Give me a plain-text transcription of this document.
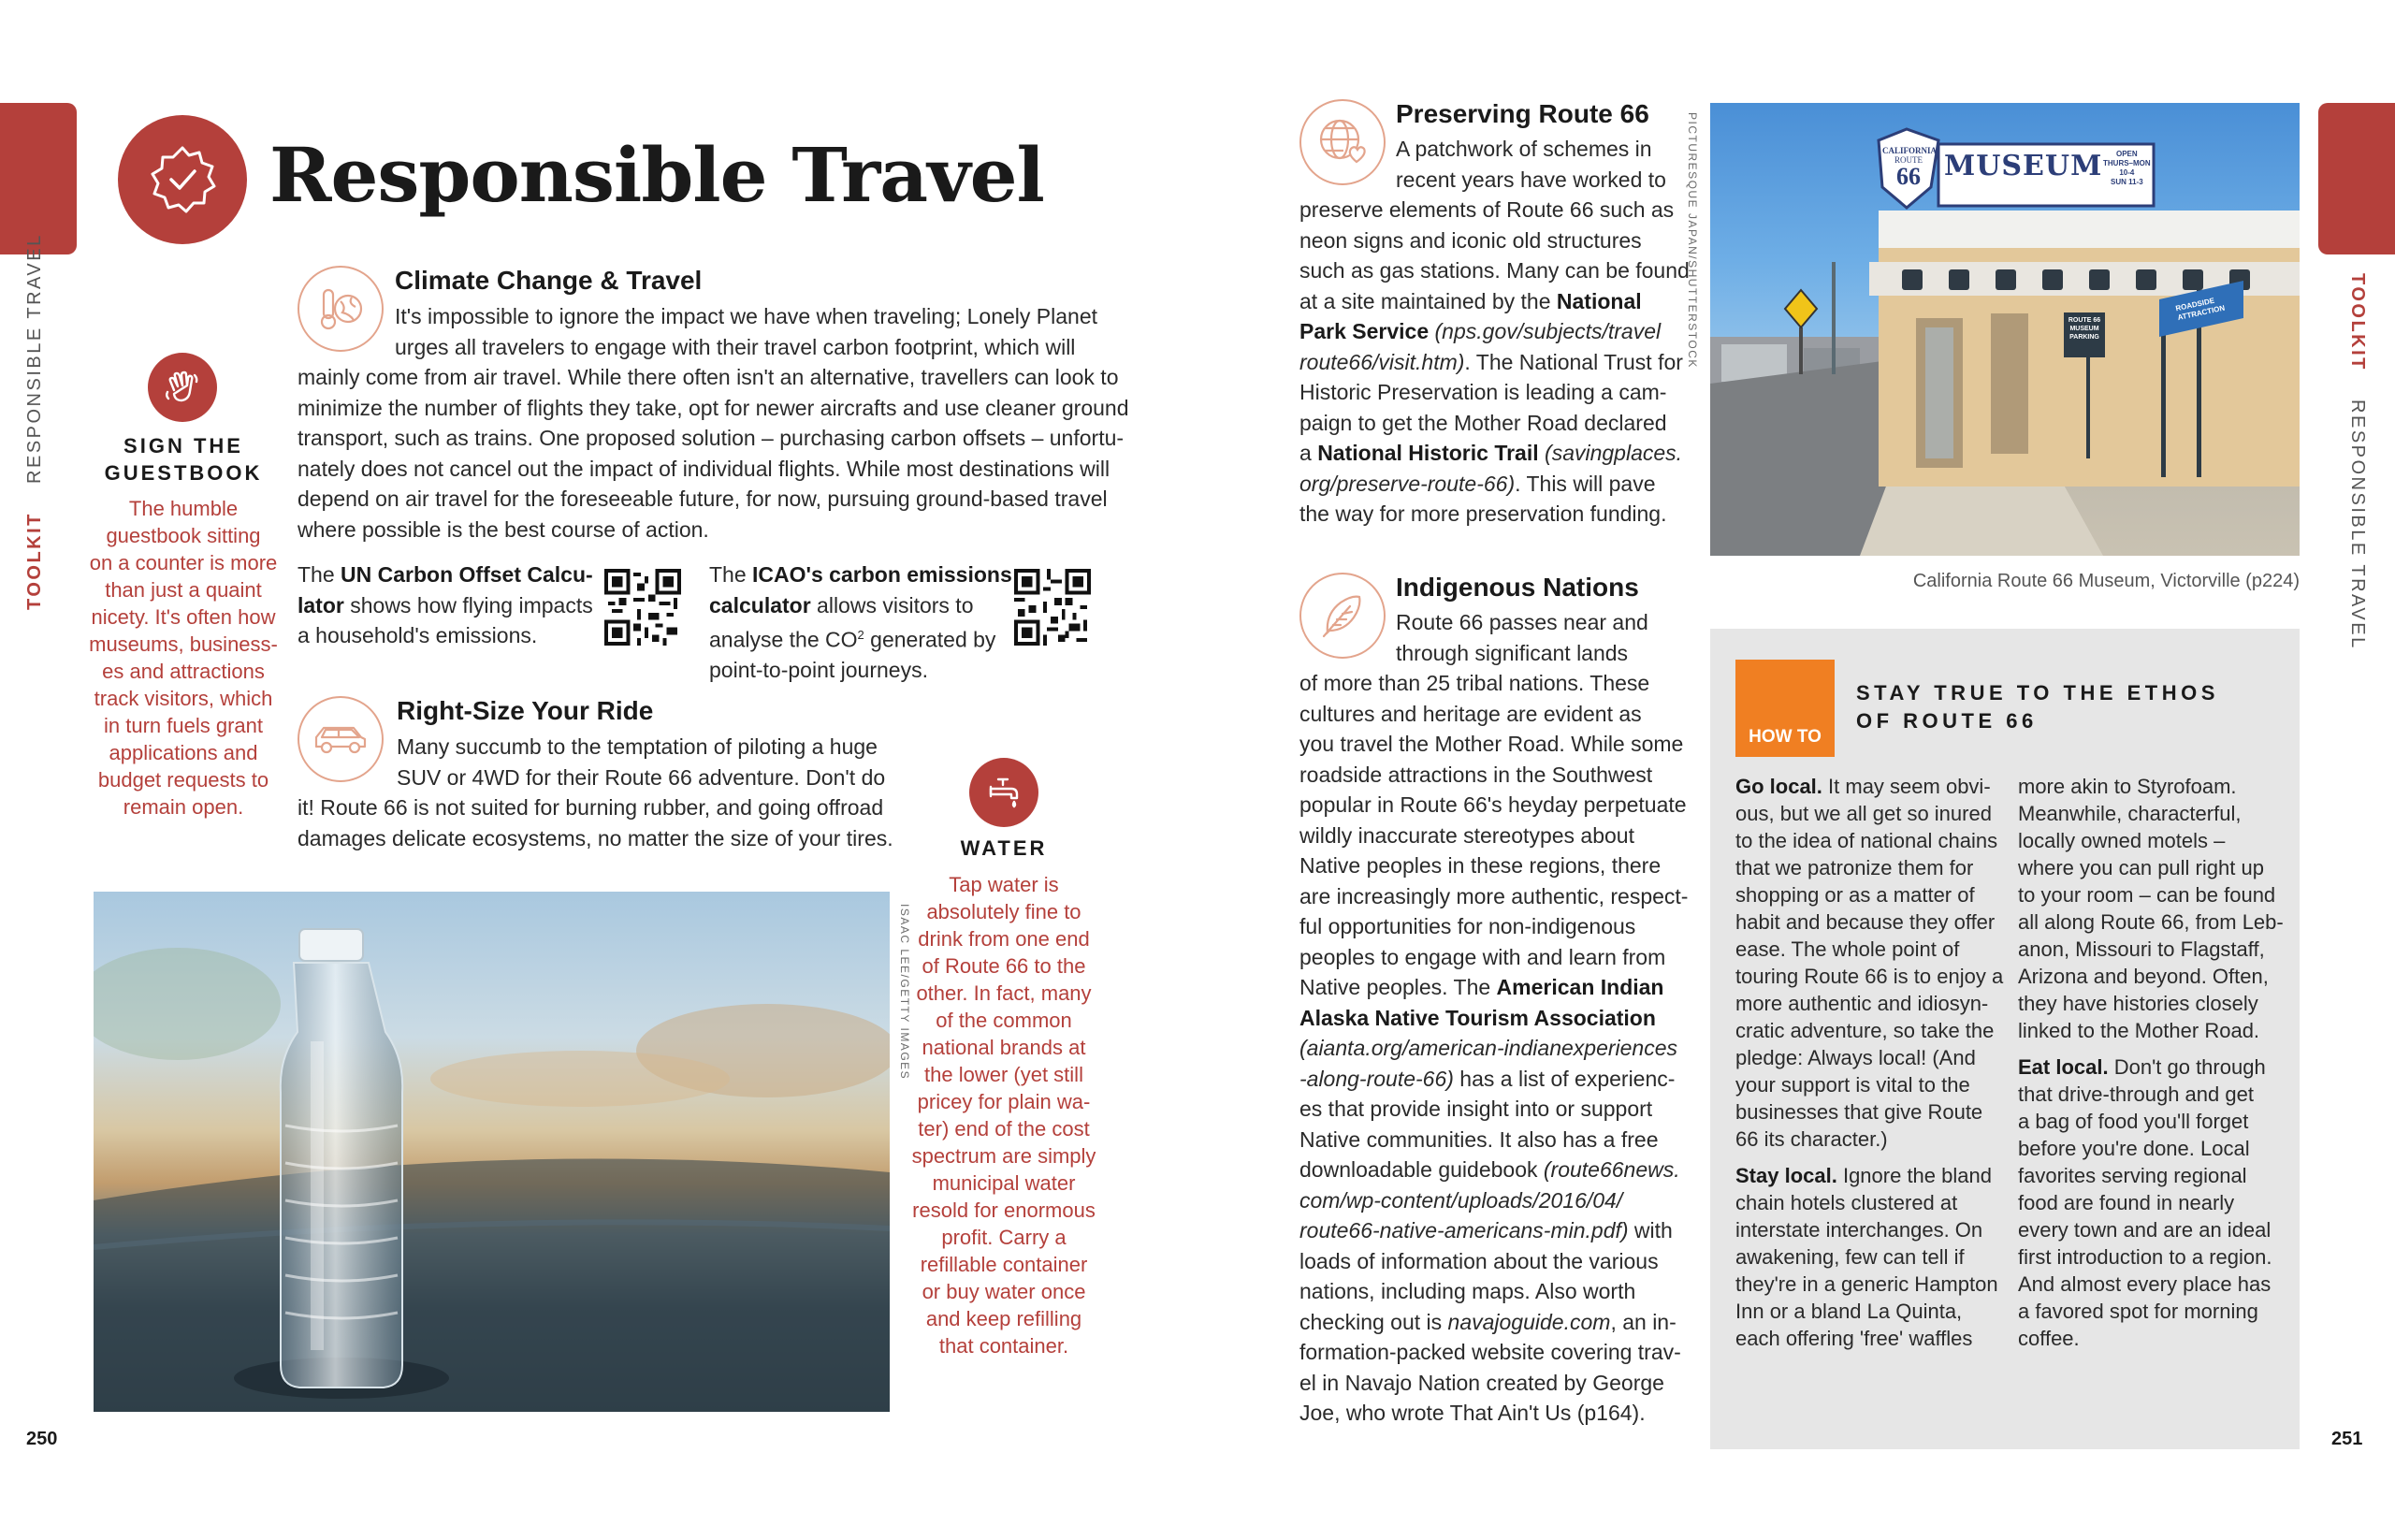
TOOLKIT  RESPONSIBLE TRAVEL
Responsible Travel
Climate Change & Travel
It's impossible to ignore the impact we have when traveling; Lonely Planet
urges all travelers to engage with their travel carbon footprint, which will
mainly come from air travel. While there often isn't an alternative, travellers can look to
minimize the number of flights they take, opt for newer aircrafts and use cleaner ground
transport, such as trains. One proposed solution – purchasing carbon offsets – unfortu-
nately does not cancel out the impact of individual flights. While most destinations will
depend on air travel for the foreseeable future, for now, pursuing ground-based travel
where possible is the best course of action.
The UN Carbon Offset Calcu-
lator shows how flying impacts
a household's emissions.
The ICAO's carbon emissions
calculator allows visitors to
analyse the $CO^2$ generated by
point-to-point journeys.
SIGN THE
GUESTBOOK
The humble
guestbook sitting
on a counter is more
than just a quaint
nicety. It's often how
museums, business-
es and attractions
track visitors, which
in turn fuels grant
applications and
budget requests to
remain open.
Right-Size Your Ride
Many succumb to the temptation of piloting a huge
SUV or 4WD for their Route 66 adventure. Don't do
it! Route 66 is not suited for burning rubber, and going offroad
damages delicate ecosystems, no matter the size of your tires.	WATER
Tap water is
absolutely fine to
drink from one end
of Route 66 to the
other. In fact, many
of the common
national brands at
the lower (yet still
pricey for plain wa-
ter) end of the cost
spectrum are simply
municipal water
resold for enormous
profit. Carry a
refillable container
or buy water once
and keep refilling
that container.
ISAAC LEE/GETTY IMAGES
250
TOOLKIT  RESPONSIBLE TRAVEL
Preserving Route 66
A patchwork of schemes in
recent years have worked to
preserve elements of Route 66 such as
neon signs and iconic old structures
such as gas stations. Many can be found
at a site maintained by the National
Park Service (nps.gov/subjects/travel
route66/visit.htm). The National Trust for
Historic Preservation is leading a cam-
paign to get the Mother Road declared
a National Historic Trail (savingplaces.
org/preserve-route-66). This will pave
the way for more preservation funding.
Indigenous Nations
Route 66 passes near and
through significant lands
of more than 25 tribal nations. These
cultures and heritage are evident as
you travel the Mother Road. While some
roadside attractions in the Southwest
popular in Route 66's heyday perpetuate
wildly inaccurate stereotypes about
Native peoples in these regions, there
are increasingly more authentic, respect-
ful opportunities for non-indigenous
peoples to engage with and learn from
Native peoples. The American Indian
Alaska Native Tourism Association
(aianta.org/american-indianexperiences
-along-route-66) has a list of experienc-
es that provide insight into or support
Native communities. It also has a free
downloadable guidebook (route66news.
com/wp-content/uploads/2016/04/
route66-native-americans-min.pdf) with
loads of information about the various
nations, including maps. Also worth
checking out is navajoguide.com, an in-
formation-packed website covering trav-
el in Navajo Nation created by George
Joe, who wrote That Ain't Us (p164).
PICTURESQUE JAPAN/SHUTTERSTOCK	CALIFORNIA
ROUTE
66 MUSEUM	OPEN
THURS–MON
10-4
SUN 11-3
ROUTE 66 MUSEUM PARKING
ROADSIDE ATTRACTION
California Route 66 Museum, Victorville (p224)
HOW TO
STAY TRUE TO THE ETHOS
OF ROUTE 66
Go local. It may seem obvi-
ous, but we all get so inured
to the idea of national chains
that we patronize them for
shopping or as a matter of
habit and because they offer
ease. The whole point of
touring Route 66 is to enjoy a
more authentic and idiosyn-
cratic adventure, so take the
pledge: Always local! (And
your support is vital to the
businesses that give Route
66 its character.)
Stay local. Ignore the bland
chain hotels clustered at
interstate interchanges. On
awakening, few can tell if
they're in a generic Hampton
Inn or a bland La Quinta,
each offering 'free' waffles
more akin to Styrofoam.
Meanwhile, characterful,
locally owned motels –
where you can pull right up
to your room – can be found
all along Route 66, from Leb-
anon, Missouri to Flagstaff,
Arizona and beyond. Often,
they have histories closely
linked to the Mother Road.
Eat local. Don't go through
that drive-through and get
a bag of food you'll forget
before you're done. Local
favorites serving regional
food are found in nearly
every town and are an ideal
first introduction to a region.
And almost every place has
a favored spot for morning
coffee.
251
